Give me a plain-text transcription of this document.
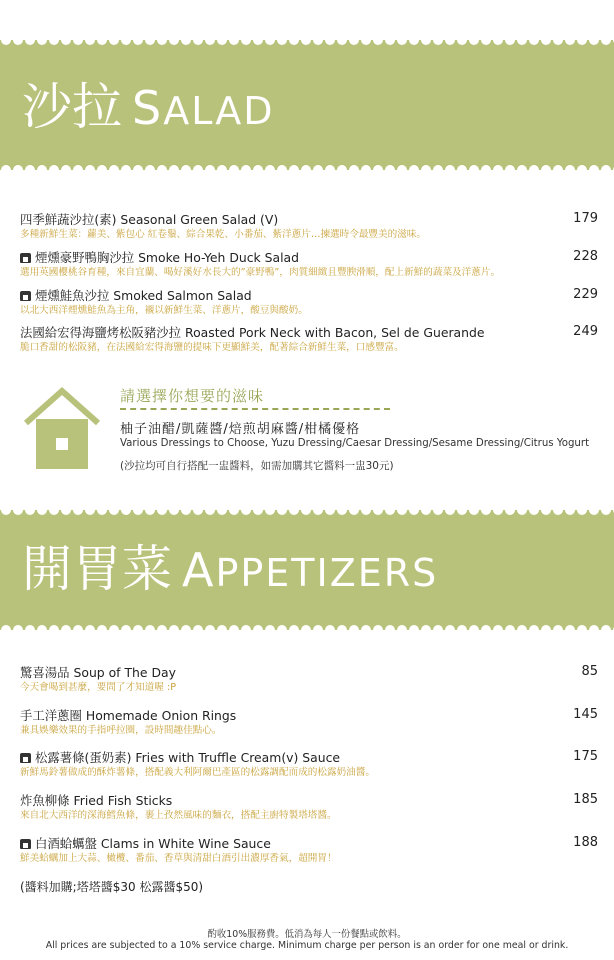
沙拉 SALAD
四季鮮蔬沙拉(素) Seasonal Green Salad (V)
多種新鮮生菜：蘿美、紫包心 紅卷鬚、綜合果乾、小番茄、紫洋蔥片…揀選時令最豐美的滋味。
179
煙燻豪野鴨胸沙拉 Smoke Ho-Yeh Duck Salad
選用英國櫻桃谷育種，來自宜蘭、喝好溪好水長大的”豪野鴨”，肉質細緻且豐腴滑順，配上新鮮的蔬菜及洋蔥片。
228
煙燻鮭魚沙拉 Smoked Salmon Salad
以北大西洋煙燻鮭魚為主角，襯以新鮮生菜、洋蔥片，酸豆與酸奶。
229
法國給宏得海鹽烤松阪豬沙拉 Roasted Pork Neck with Bacon, Sel de Guerande
脆口香甜的松阪豬，在法國給宏得海鹽的提味下更顯鮮美，配著綜合新鮮生菜，口感豐富。
249
請選擇你想要的滋味
柚子油醋/凱薩醬/焙煎胡麻醬/柑橘優格
Various Dressings to Choose, Yuzu Dressing/Caesar Dressing/Sesame Dressing/Citrus Yogurt
(沙拉均可自行搭配一盅醬料，如需加購其它醬料一盅30元)
開胃菜 APPETIZERS
驚喜湯品 Soup of The Day
今天會喝到甚麼，要問了才知道喔 :P
85
手工洋蔥圈 Homemade Onion Rings
兼具娛樂效果的手指呼拉圈，設時間趣佳點心。
145
松露薯條(蛋奶素) Fries with Truffle Cream(v) Sauce
新鮮馬鈴薯做成的酥炸薯條，搭配義大利阿爾巴產區的松露調配而成的松露奶油醬。
175
炸魚柳條 Fried Fish Sticks
來自北大西洋的深海鱈魚條，裹上孜然風味的麵衣，搭配主廚特製塔塔醬。
185
白酒蛤蠣盤 Clams in White Wine Sauce
鮮美蛤蠣加上大蒜、橄欖、番茄、香草與清甜白酒引出濃厚香氣，超開胃！
188
(醬料加購;塔塔醬$30 松露醬$50)
酌收10%服務費。低消為每人一份餐點或飲料。
All prices are subjected to a 10% service charge. Minimum charge per person is an order for one meal or drink.
